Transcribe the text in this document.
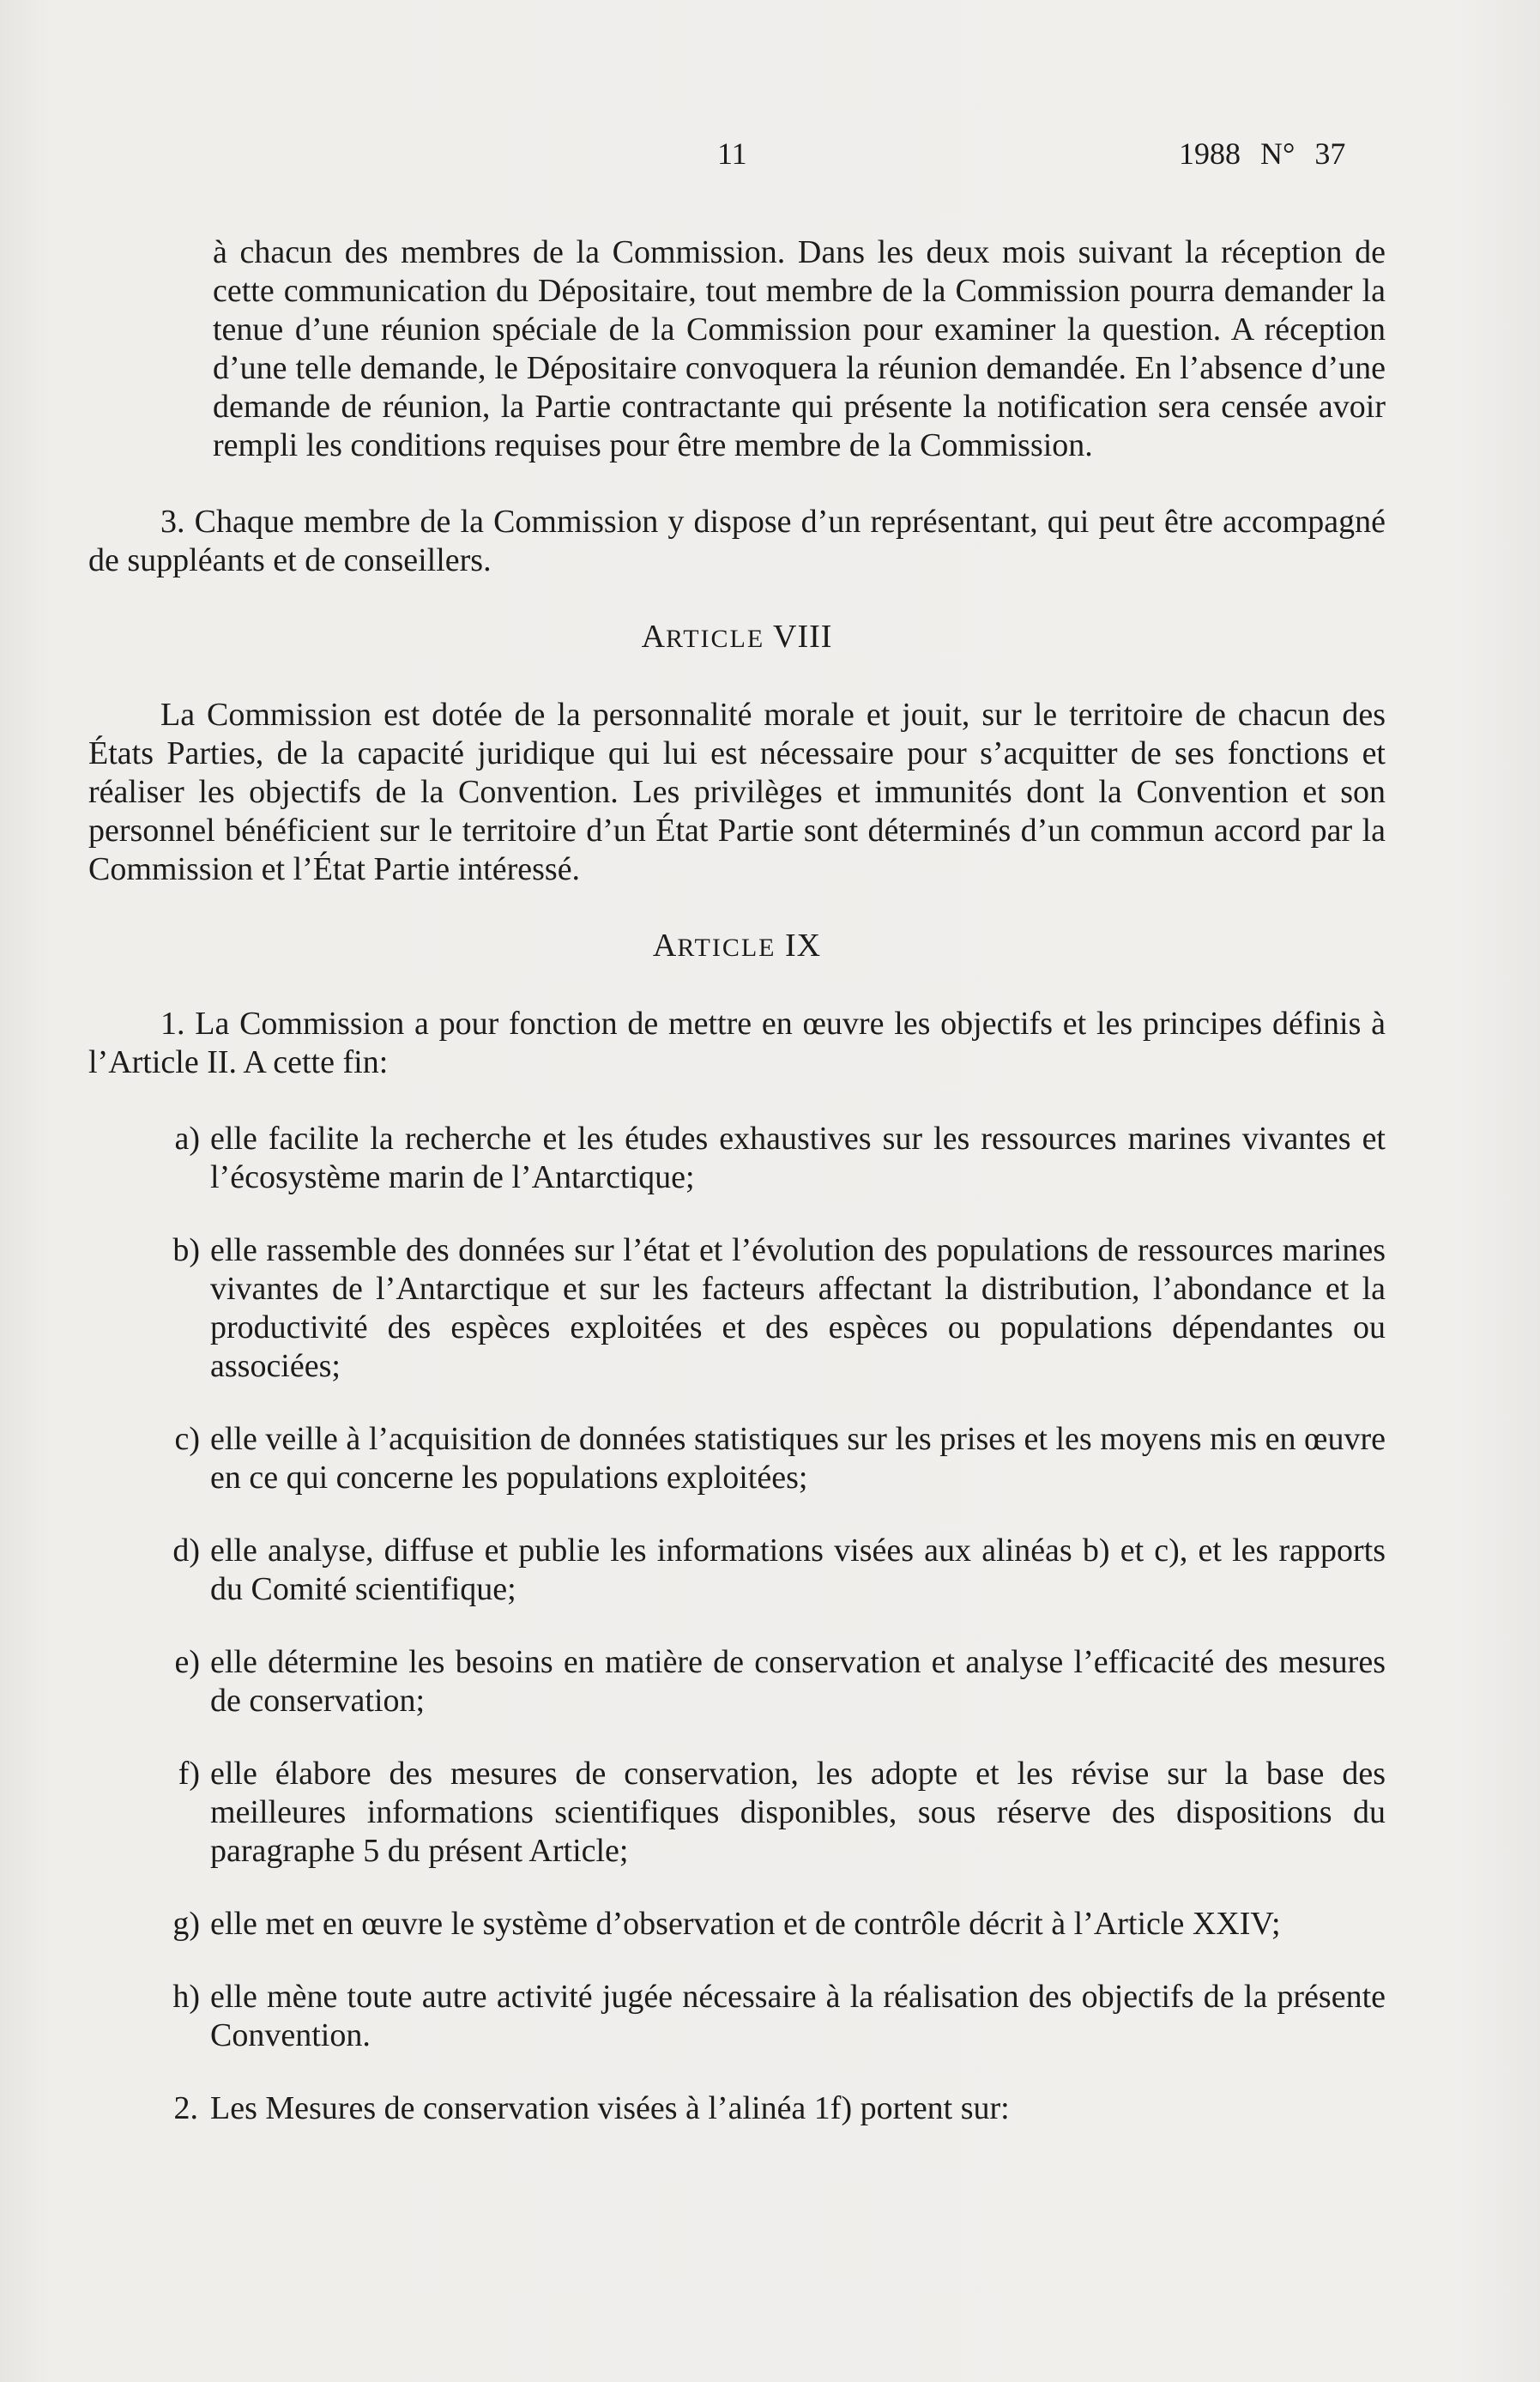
11	1988 N° 37
à chacun des membres de la Commission. Dans les deux mois suivant la réception de cette communication du Dépositaire, tout membre de la Commission pourra demander la tenue d’une réunion spéciale de la Commission pour examiner la question. A réception d’une telle demande, le Dépositaire convoquera la réunion demandée. En l’absence d’une demande de réunion, la Partie contractante qui présente la notification sera censée avoir rempli les conditions requises pour être membre de la Commission.

3. Chaque membre de la Commission y dispose d’un représentant, qui peut être accompagné de suppléants et de conseillers.

ARTICLE VIII

La Commission est dotée de la personnalité morale et jouit, sur le territoire de chacun des États Parties, de la capacité juridique qui lui est nécessaire pour s’acquitter de ses fonctions et réaliser les objectifs de la Convention. Les privilèges et immunités dont la Convention et son personnel bénéficient sur le territoire d’un État Partie sont déterminés d’un commun accord par la Commission et l’État Partie intéressé.

ARTICLE IX

1. La Commission a pour fonction de mettre en œuvre les objectifs et les principes définis à l’Article II. A cette fin:

a) elle facilite la recherche et les études exhaustives sur les ressources marines vivantes et l’écosystème marin de l’Antarctique;
b) elle rassemble des données sur l’état et l’évolution des populations de ressources marines vivantes de l’Antarctique et sur les facteurs affectant la distribution, l’abondance et la productivité des espèces exploitées et des espèces ou populations dépendantes ou associées;
c) elle veille à l’acquisition de données statistiques sur les prises et les moyens mis en œuvre en ce qui concerne les populations exploitées;
d) elle analyse, diffuse et publie les informations visées aux alinéas b) et c), et les rapports du Comité scientifique;
e) elle détermine les besoins en matière de conservation et analyse l’efficacité des mesures de conservation;
f) elle élabore des mesures de conservation, les adopte et les révise sur la base des meilleures informations scientifiques disponibles, sous réserve des dispositions du paragraphe 5 du présent Article;
g) elle met en œuvre le système d’observation et de contrôle décrit à l’Article XXIV;
h) elle mène toute autre activité jugée nécessaire à la réalisation des objectifs de la présente Convention.
2. Les Mesures de conservation visées à l’alinéa 1f) portent sur:
